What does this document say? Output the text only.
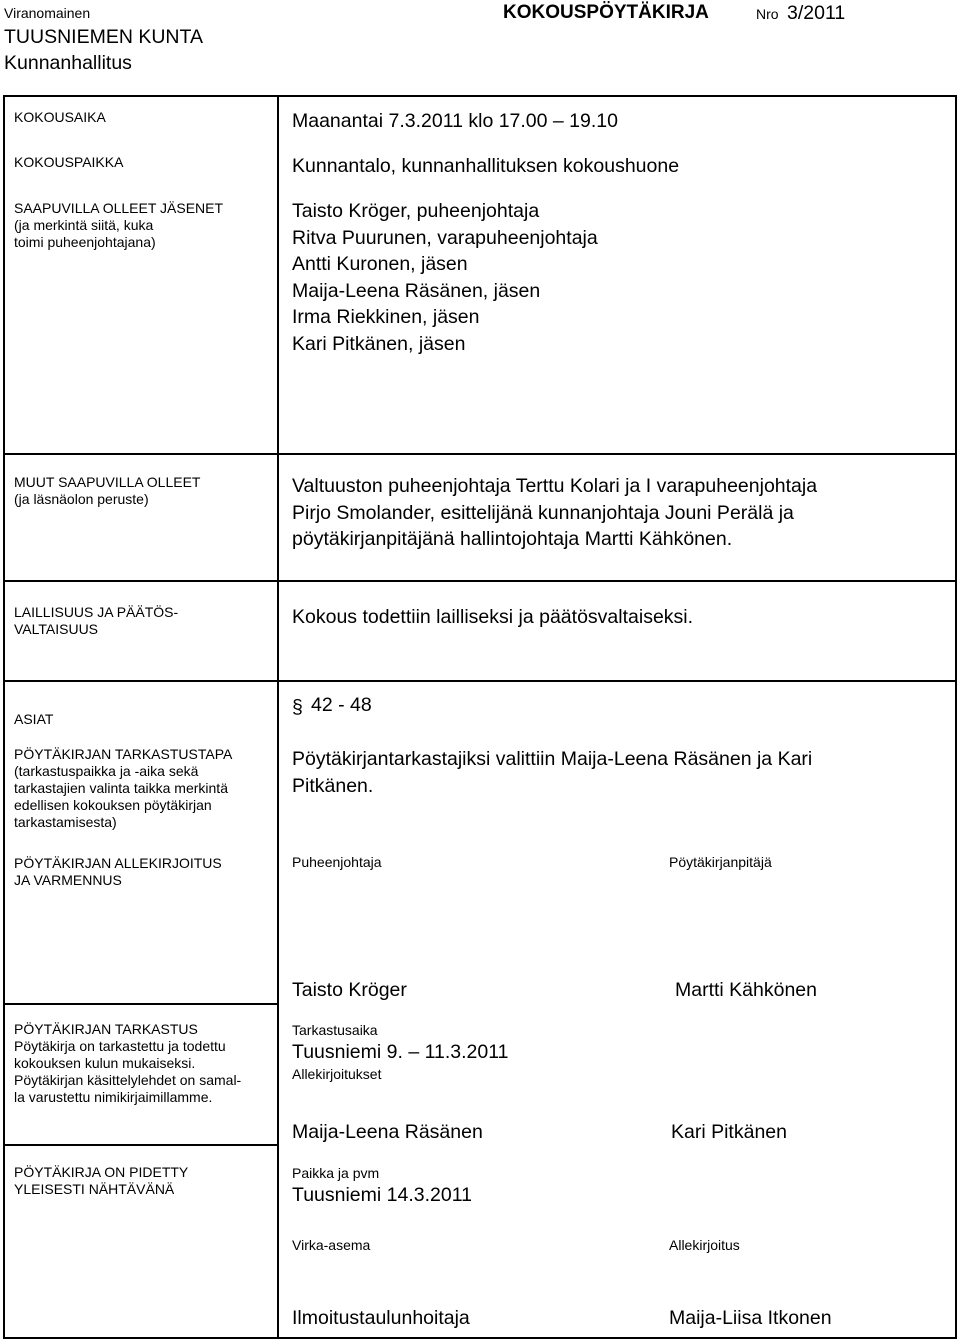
Viranomainen
TUUSNIEMEN KUNTA
Kunnanhallitus
KOKOUSPÖYTÄKIRJA	Nro 3/2011
KOKOUSAIKA	Maanantai 7.3.2011 klo 17.00 – 19.10
KOKOUSPAIKKA	Kunnantalo, kunnanhallituksen kokoushuone
SAAPUVILLA OLLEET JÄSENET
(ja merkintä siitä, kuka
toimi puheenjohtajana)
Taisto Kröger, puheenjohtaja
Ritva Puurunen, varapuheenjohtaja
Antti Kuronen, jäsen
Maija-Leena Räsänen, jäsen
Irma Riekkinen, jäsen
Kari Pitkänen, jäsen
MUUT SAAPUVILLA OLLEET
(ja läsnäolon peruste)
Valtuuston puheenjohtaja Terttu Kolari ja I varapuheenjohtaja
Pirjo Smolander, esittelijänä kunnanjohtaja Jouni Perälä ja
pöytäkirjanpitäjänä hallintojohtaja Martti Kähkönen.
LAILLISUUS JA PÄÄTÖS-
VALTAISUUS
Kokous todettiin lailliseksi ja päätösvaltaiseksi.
ASIAT
§ 42 - 48
PÖYTÄKIRJAN TARKASTUSTAPA
(tarkastuspaikka ja -aika sekä
tarkastajien valinta taikka merkintä
edellisen kokouksen pöytäkirjan
tarkastamisesta)
Pöytäkirjantarkastajiksi valittiin Maija-Leena Räsänen ja Kari
Pitkänen.
PÖYTÄKIRJAN ALLEKIRJOITUS
JA VARMENNUS
Puheenjohtaja	Pöytäkirjanpitäjä
Taisto Kröger	Martti Kähkönen
PÖYTÄKIRJAN TARKASTUS
Pöytäkirja on tarkastettu ja todettu
kokouksen kulun mukaiseksi.
Pöytäkirjan käsittelylehdet on samal-
la varustettu nimikirjaimillamme.
Tarkastusaika
Tuusniemi 9. – 11.3.2011
Allekirjoitukset
Maija-Leena Räsänen	Kari Pitkänen
PÖYTÄKIRJA ON PIDETTY
YLEISESTI NÄHTÄVÄNÄ
Paikka ja pvm
Tuusniemi 14.3.2011
Virka-asema	Allekirjoitus
Ilmoitustaulunhoitaja	Maija-Liisa Itkonen
